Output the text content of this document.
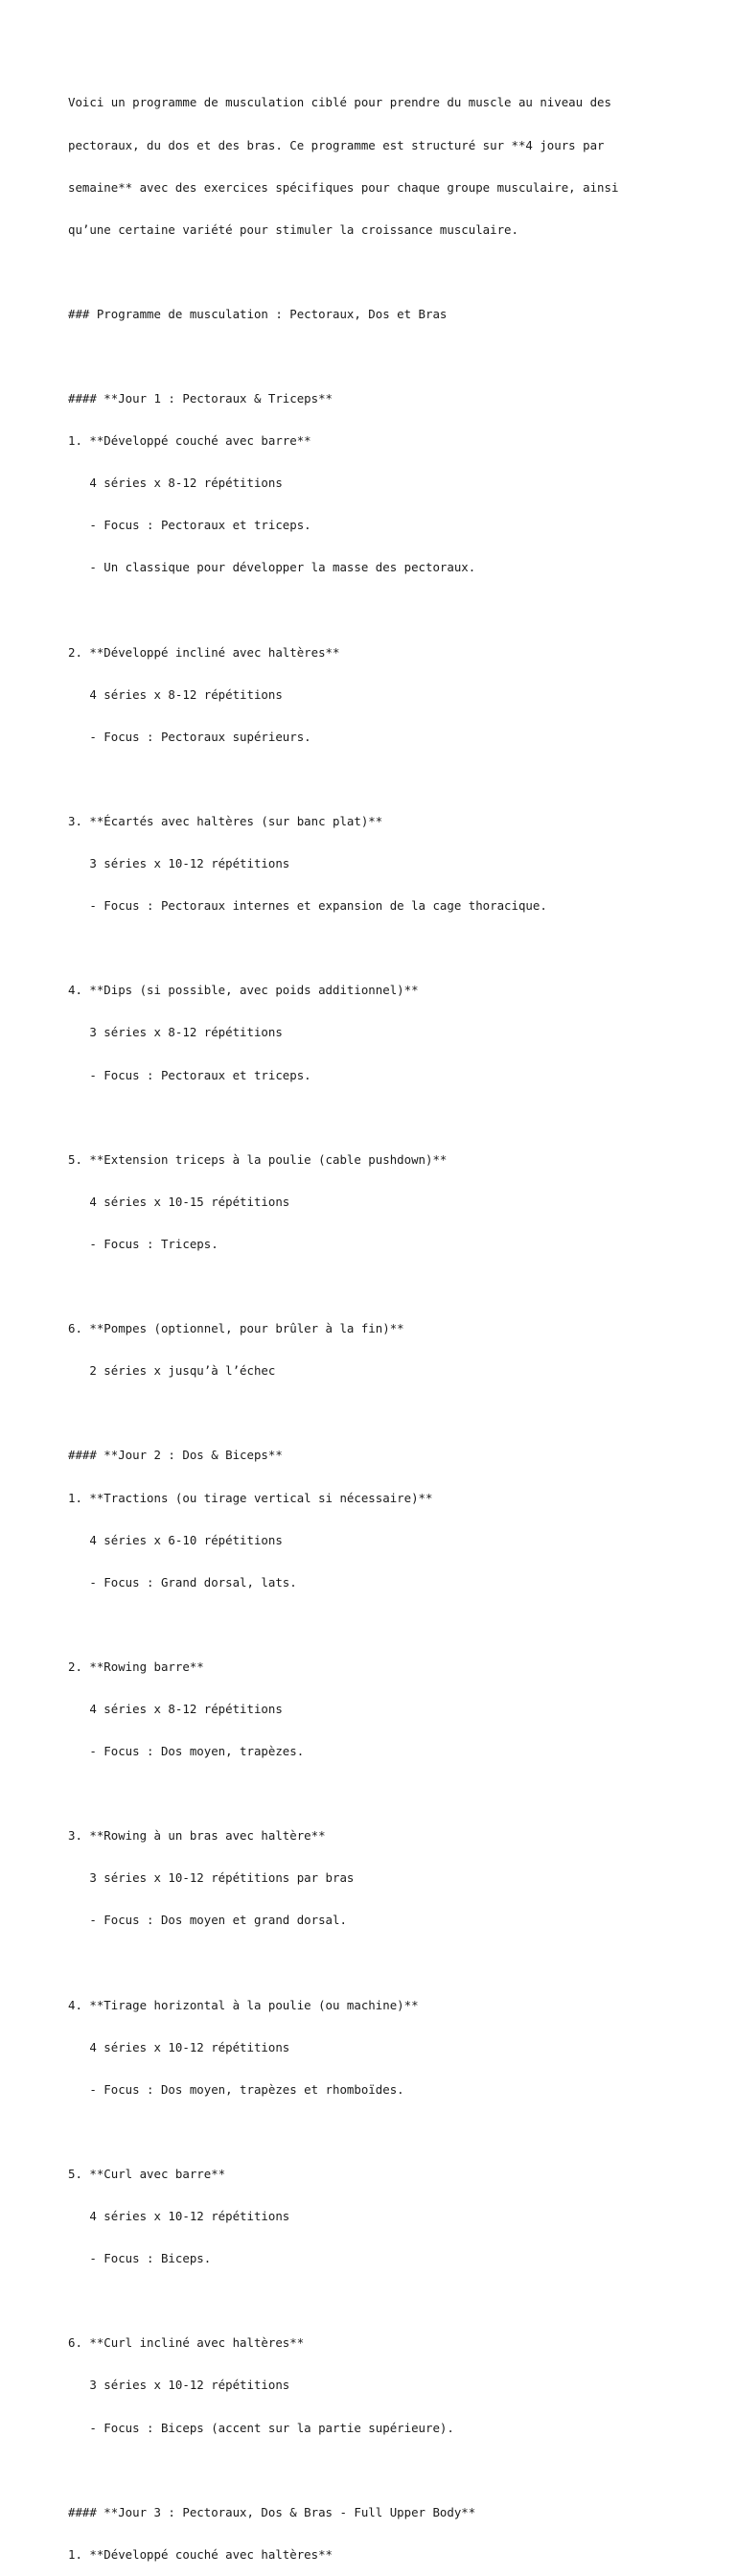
Voici un programme de musculation ciblé pour prendre du muscle au niveau des

pectoraux, du dos et des bras. Ce programme est structuré sur **4 jours par

semaine** avec des exercices spécifiques pour chaque groupe musculaire, ainsi

qu’une certaine variété pour stimuler la croissance musculaire.

### Programme de musculation : Pectoraux, Dos et Bras

#### **Jour 1 : Pectoraux & Triceps**

1. **Développé couché avec barre**

4 séries x 8-12 répétitions

- Focus : Pectoraux et triceps.

- Un classique pour développer la masse des pectoraux.

2. **Développé incliné avec haltères**

4 séries x 8-12 répétitions

- Focus : Pectoraux supérieurs.

3. **Écartés avec haltères (sur banc plat)**

3 séries x 10-12 répétitions

- Focus : Pectoraux internes et expansion de la cage thoracique.

4. **Dips (si possible, avec poids additionnel)**

3 séries x 8-12 répétitions

- Focus : Pectoraux et triceps.

5. **Extension triceps à la poulie (cable pushdown)**

4 séries x 10-15 répétitions

- Focus : Triceps.

6. **Pompes (optionnel, pour brûler à la fin)**

2 séries x jusqu’à l’échec

#### **Jour 2 : Dos & Biceps**

1. **Tractions (ou tirage vertical si nécessaire)**

4 séries x 6-10 répétitions

- Focus : Grand dorsal, lats.

2. **Rowing barre**

4 séries x 8-12 répétitions

- Focus : Dos moyen, trapèzes.

3. **Rowing à un bras avec haltère**

3 séries x 10-12 répétitions par bras

- Focus : Dos moyen et grand dorsal.

4. **Tirage horizontal à la poulie (ou machine)**

4 séries x 10-12 répétitions

- Focus : Dos moyen, trapèzes et rhomboïdes.

5. **Curl avec barre**

4 séries x 10-12 répétitions

- Focus : Biceps.

6. **Curl incliné avec haltères**

3 séries x 10-12 répétitions

- Focus : Biceps (accent sur la partie supérieure).

#### **Jour 3 : Pectoraux, Dos & Bras - Full Upper Body**

1. **Développé couché avec haltères**
